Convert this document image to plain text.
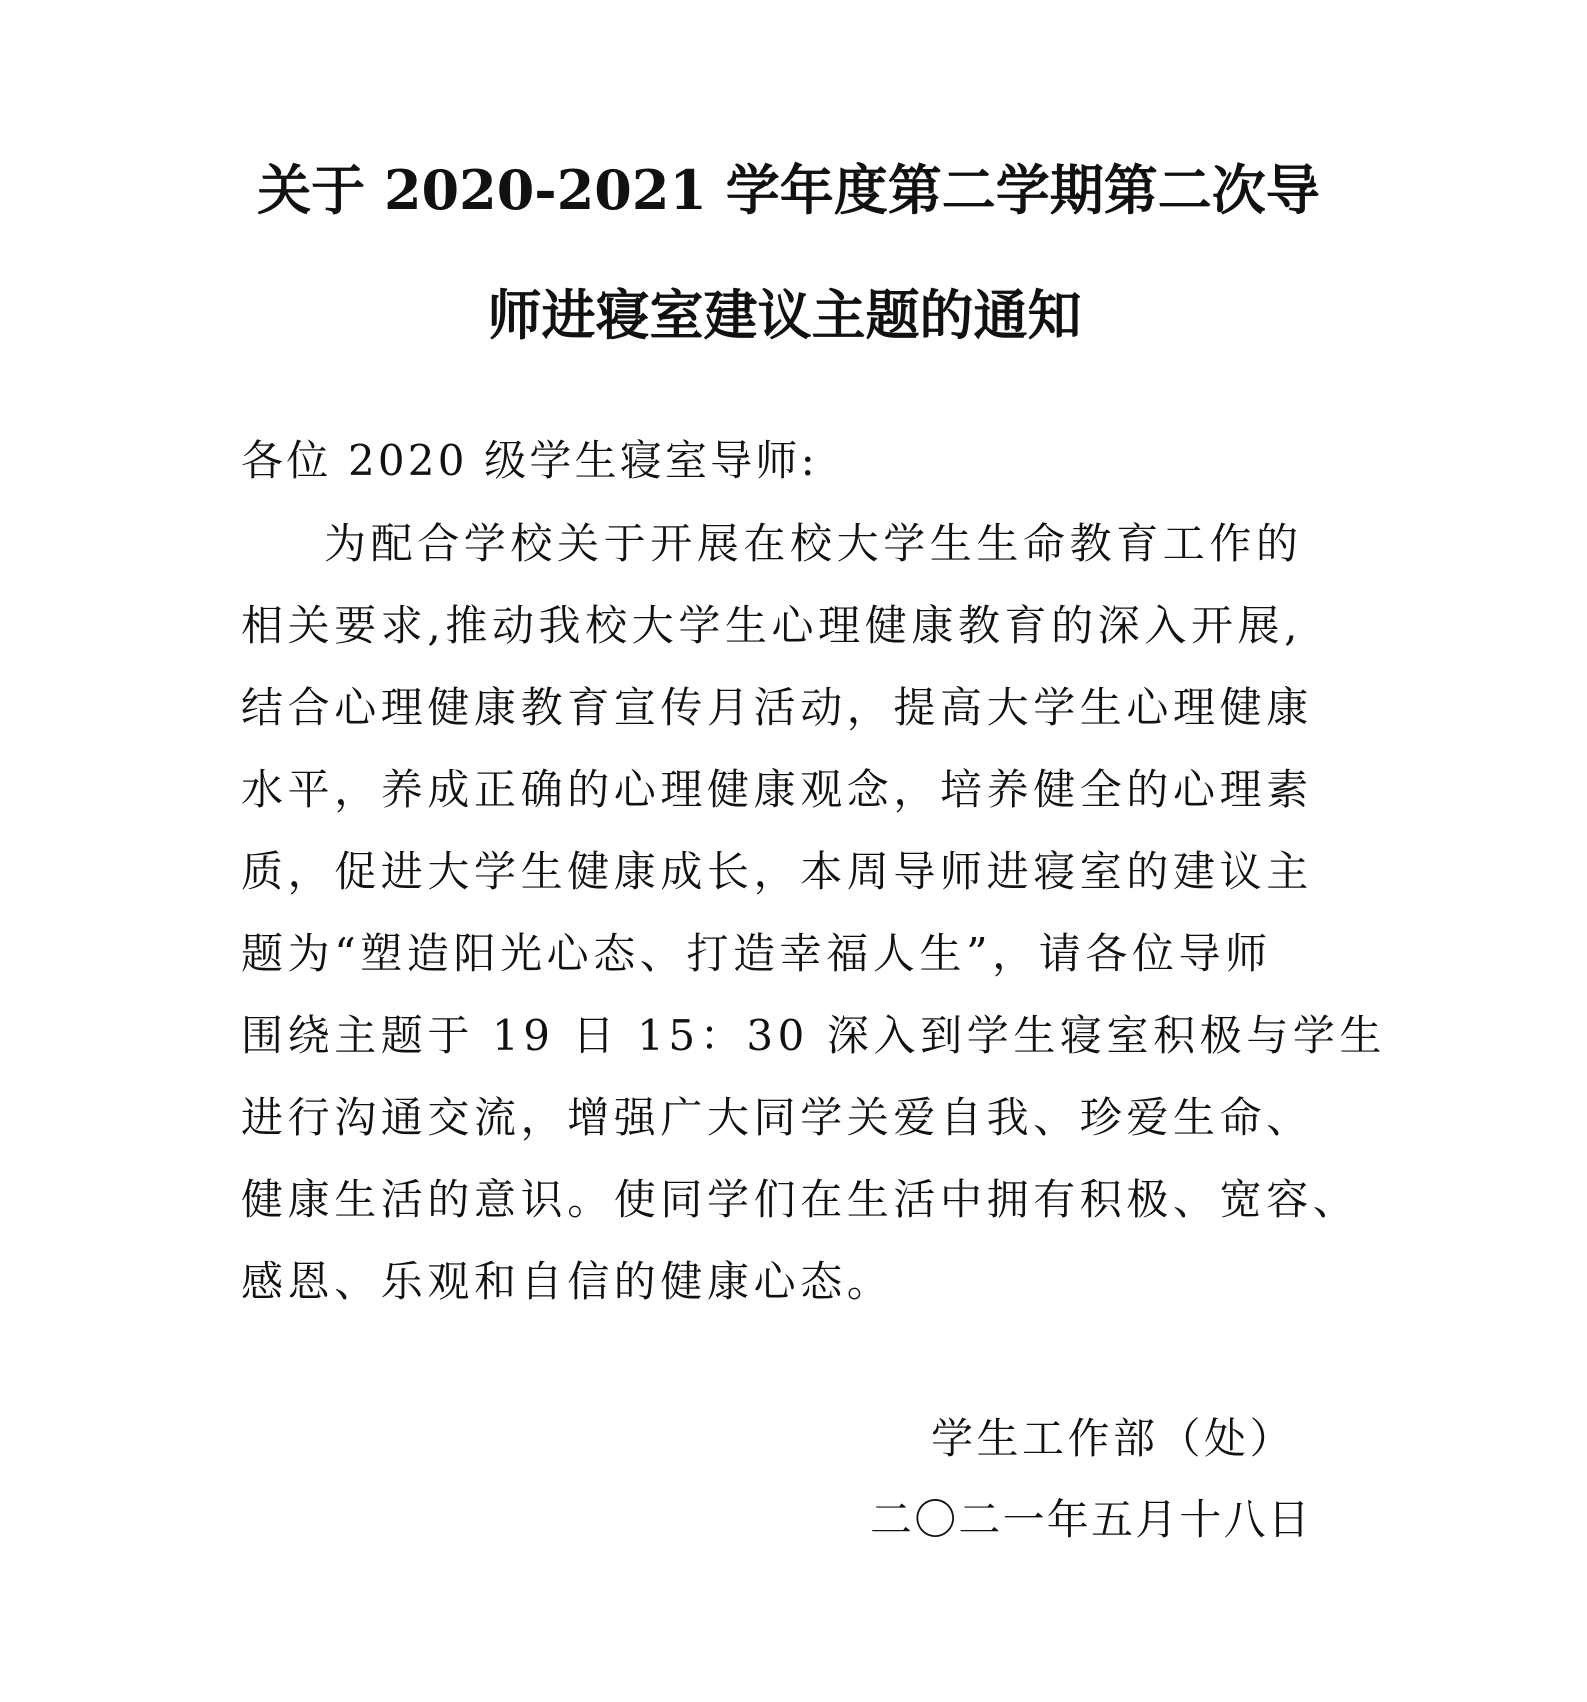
关于 2020-2021 学年度第二学期第二次导
师进寝室建议主题的通知
各位 2020 级学生寝室导师:
为配合学校关于开展在校大学生生命教育工作的
相关要求,推动我校大学生心理健康教育的深入开展,
结合心理健康教育宣传月活动，提高大学生心理健康
水平，养成正确的心理健康观念，培养健全的心理素
质，促进大学生健康成长，本周导师进寝室的建议主
题为“塑造阳光心态、打造幸福人生”，请各位导师
围绕主题于 19 日 15：30 深入到学生寝室积极与学生
进行沟通交流，增强广大同学关爱自我、珍爱生命、
健康生活的意识。使同学们在生活中拥有积极、宽容、
感恩、乐观和自信的健康心态。
学生工作部（处）
二〇二一年五月十八日
